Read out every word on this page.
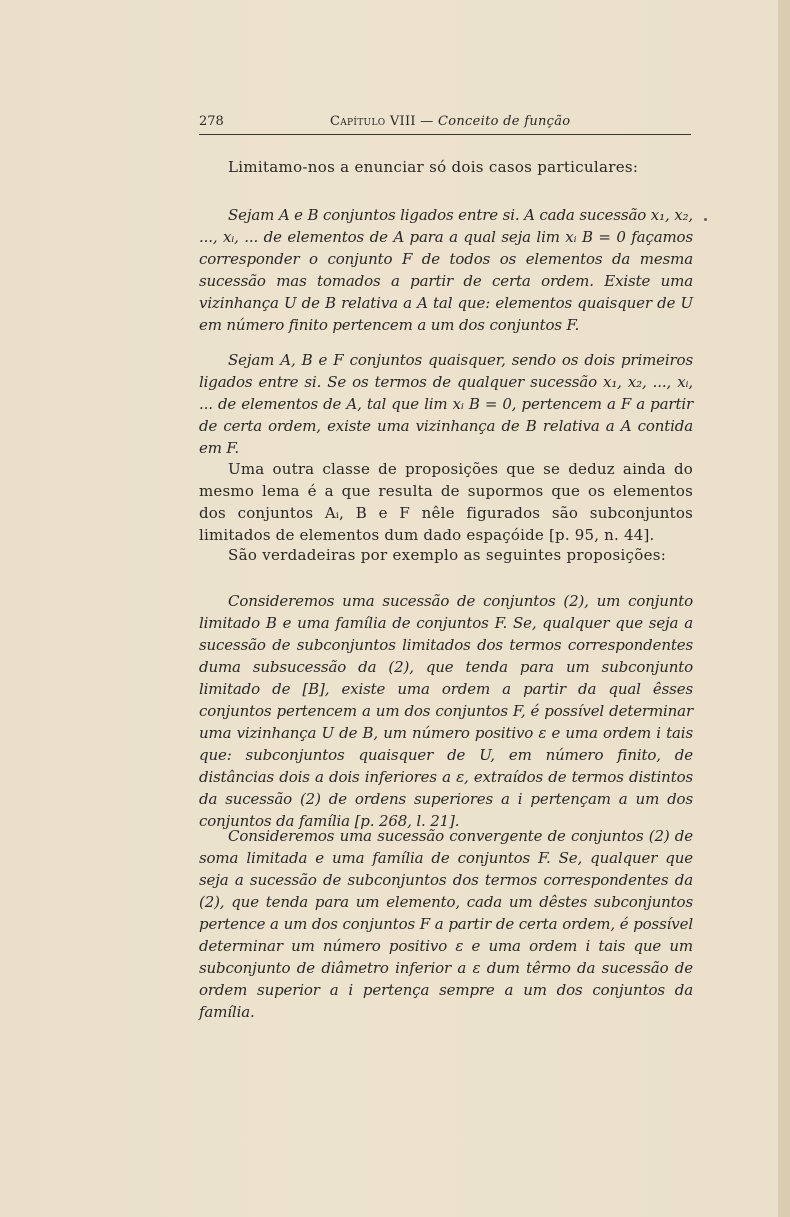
278	Capítulo VIII — Conceito de função
Limitamo-nos a enunciar só dois casos particulares:

Sejam A e B conjuntos ligados entre si. A cada sucessão x₁, x₂, ..., xᵢ, ... de elementos de A para a qual seja lim xᵢ B = 0 façamos corresponder o conjunto F de todos os elementos da mesma sucessão mas tomados a partir de certa ordem. Existe uma vizinhança U de B relativa a A tal que: elementos quaisquer de U em número finito pertencem a um dos conjuntos F.

Sejam A, B e F conjuntos quaisquer, sendo os dois primeiros ligados entre si. Se os termos de qualquer sucessão x₁, x₂, ..., xᵢ, ... de elementos de A, tal que lim xᵢ B = 0, pertencem a F a partir de certa ordem, existe uma vizinhança de B relativa a A contida em F.

Uma outra classe de proposições que se deduz ainda do mesmo lema é a que resulta de supormos que os elementos dos conjuntos Aᵢ, B e F nêle figurados são subconjuntos limitados de elementos dum dado espaçóide [p. 95, n. 44].

São verdadeiras por exemplo as seguintes proposições:

Consideremos uma sucessão de conjuntos (2), um conjunto limitado B e uma família de conjuntos F. Se, qualquer que seja a sucessão de subconjuntos limitados dos termos correspondentes duma subsucessão da (2), que tenda para um subconjunto limitado de [B], existe uma ordem a partir da qual êsses conjuntos pertencem a um dos conjuntos F, é possível determinar uma vizinhança U de B, um número positivo ε e uma ordem i tais que: subconjuntos quaisquer de U, em número finito, de distâncias dois a dois inferiores a ε, extraídos de termos distintos da sucessão (2) de ordens superiores a i pertençam a um dos conjuntos da família [p. 268, l. 21].

Consideremos uma sucessão convergente de conjuntos (2) de soma limitada e uma família de conjuntos F. Se, qualquer que seja a sucessão de subconjuntos dos termos correspondentes da (2), que tenda para um elemento, cada um dêstes subconjuntos pertence a um dos conjuntos F a partir de certa ordem, é possível determinar um número positivo ε e uma ordem i tais que um subconjunto de diâmetro inferior a ε dum têrmo da sucessão de ordem superior a i pertença sempre a um dos conjuntos da família.
